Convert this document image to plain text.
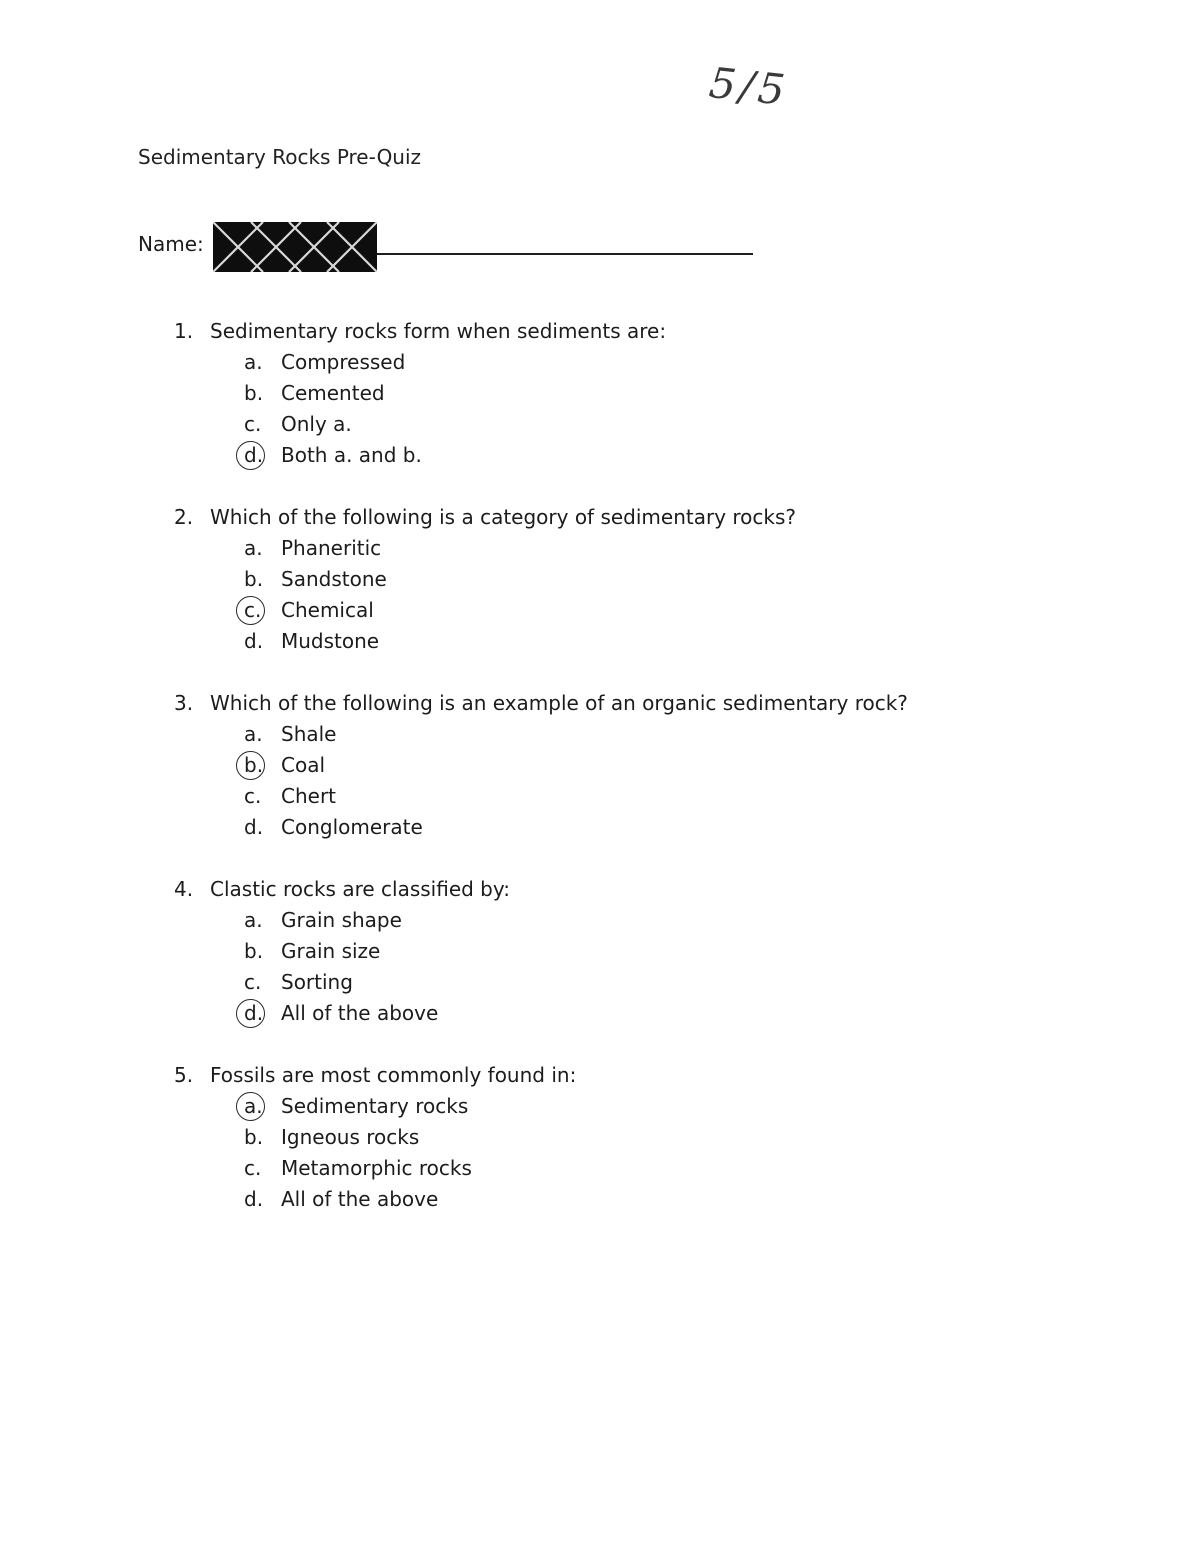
5/5
Sedimentary Rocks Pre-Quiz
Name:
1. Sedimentary rocks form when sediments are:
a. Compressed
b. Cemented
c. Only a.
d. Both a. and b.
2. Which of the following is a category of sedimentary rocks?
a. Phaneritic
b. Sandstone
c. Chemical
d. Mudstone
3. Which of the following is an example of an organic sedimentary rock?
a. Shale
b. Coal
c. Chert
d. Conglomerate
4. Clastic rocks are classified by:
a. Grain shape
b. Grain size
c. Sorting
d. All of the above
5. Fossils are most commonly found in:
a. Sedimentary rocks
b. Igneous rocks
c. Metamorphic rocks
d. All of the above
